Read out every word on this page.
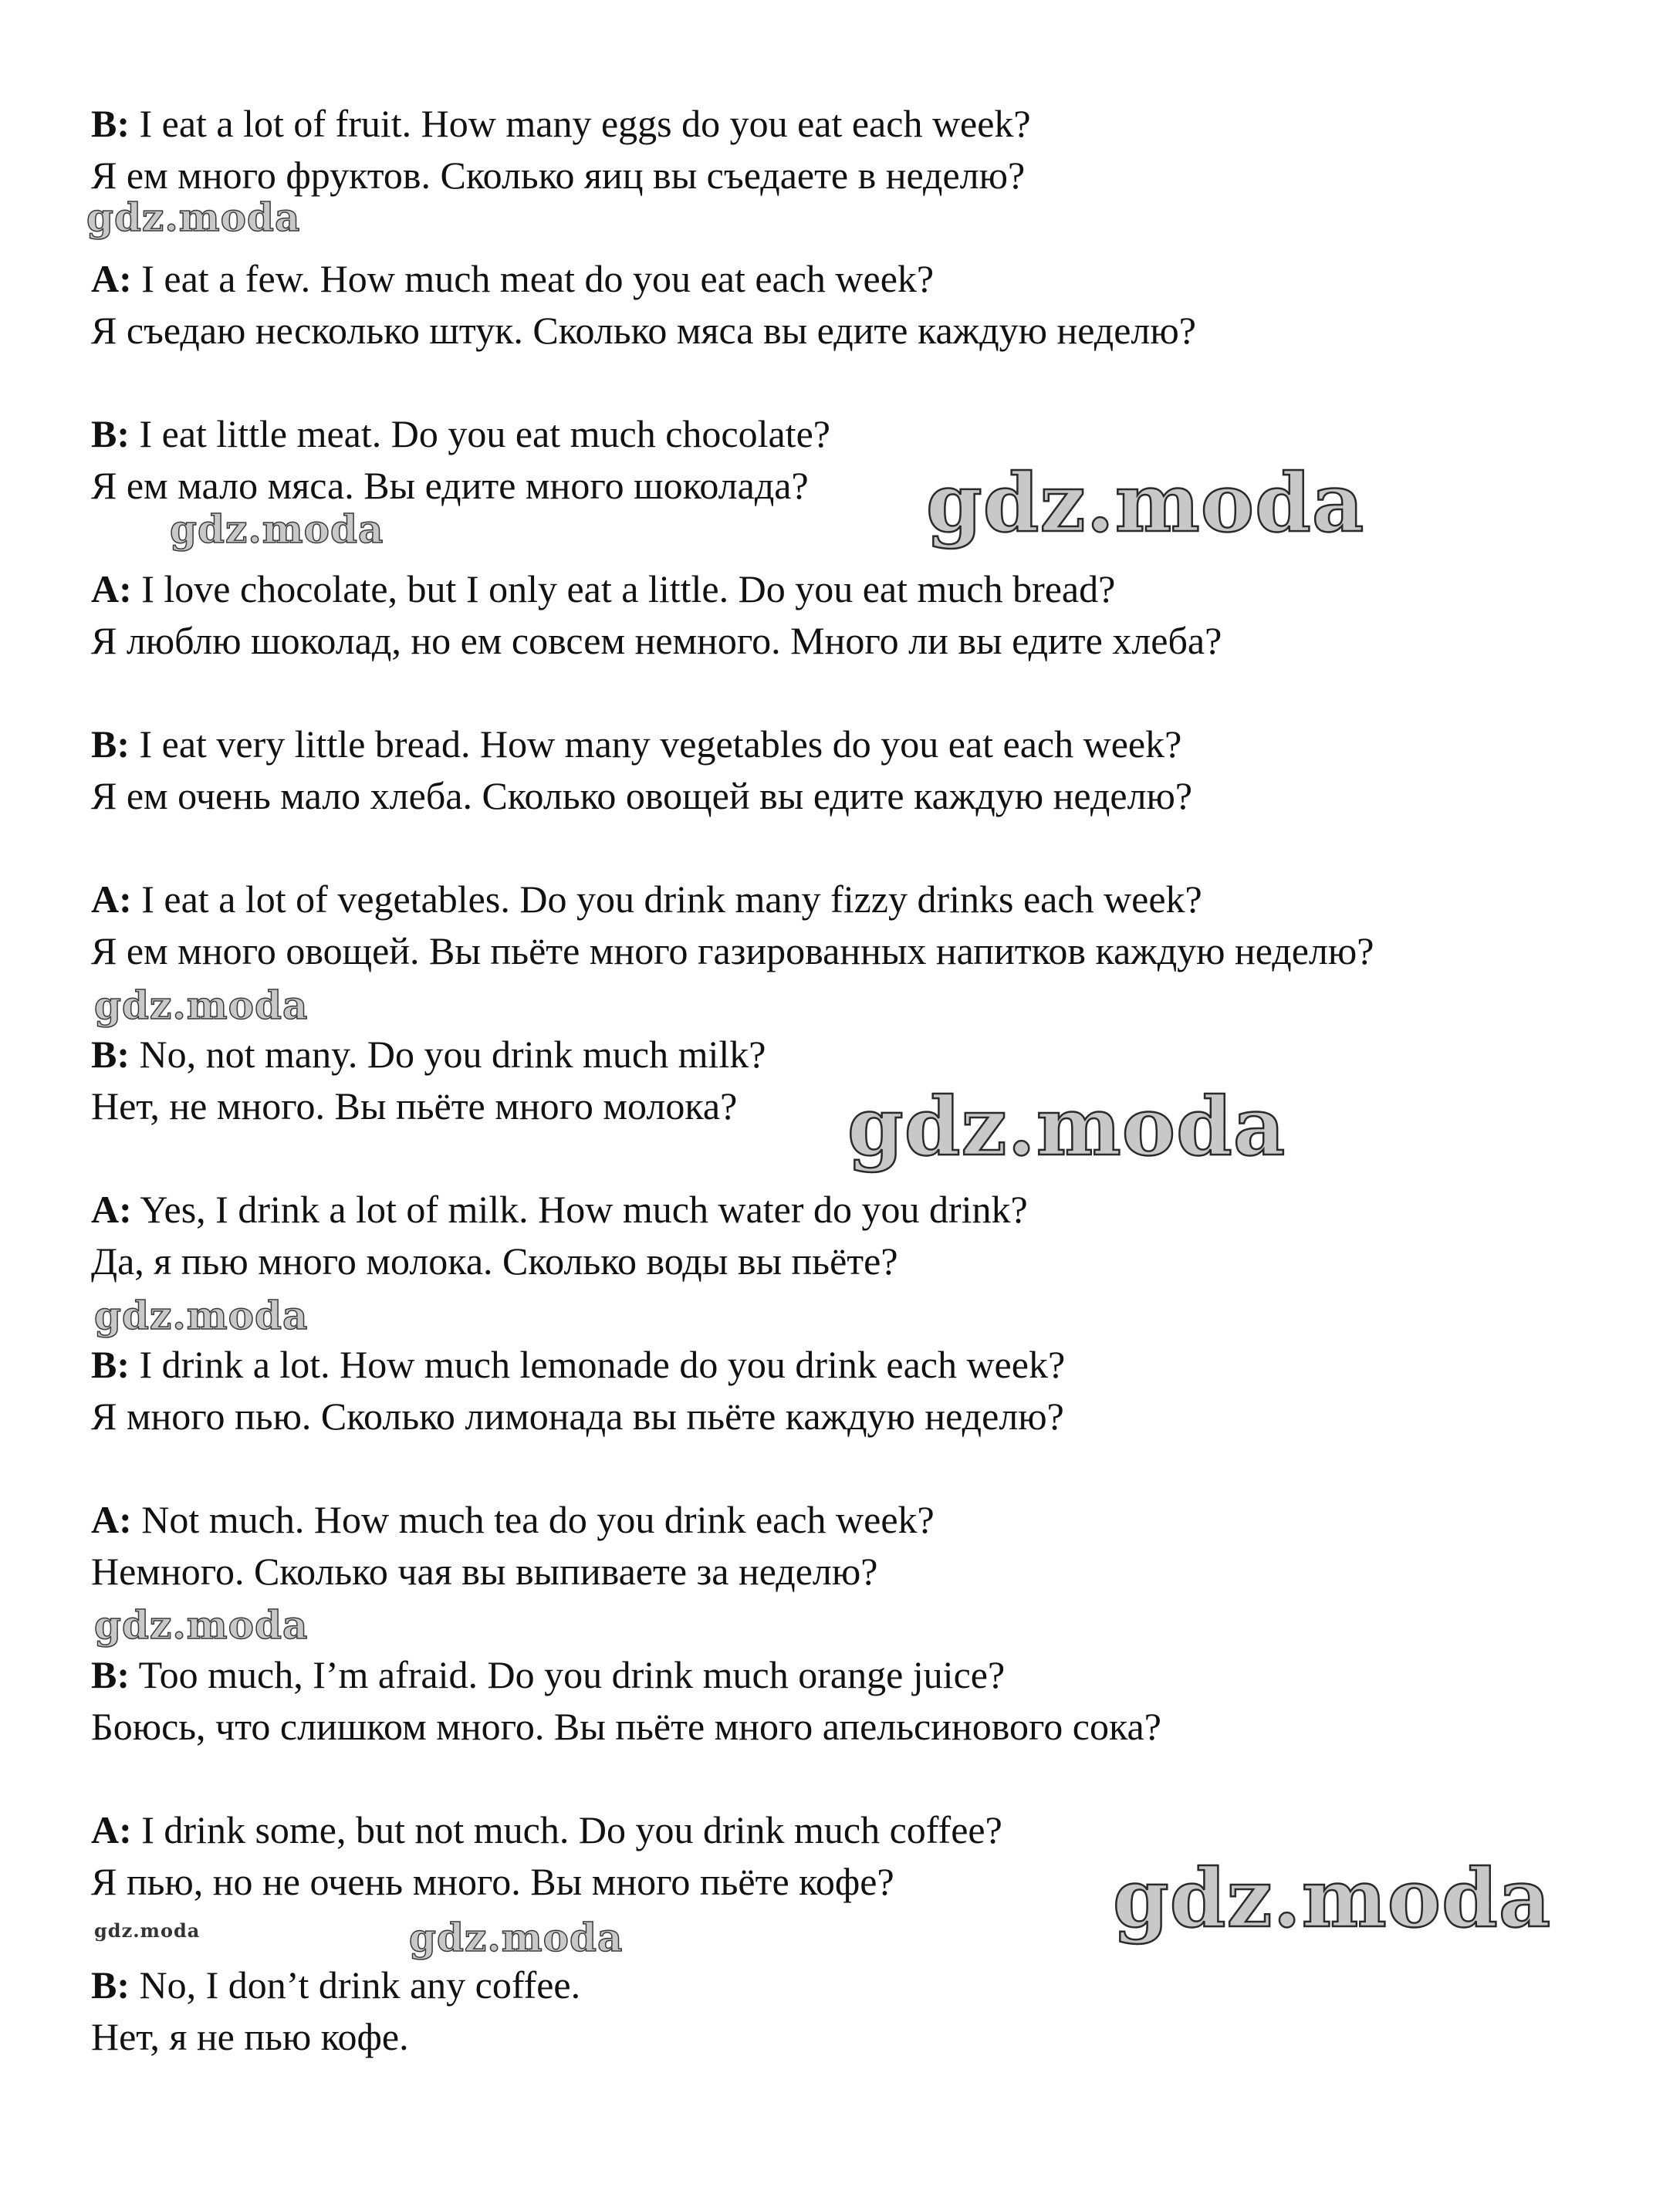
B: I eat a lot of fruit. How many eggs do you eat each week?
Я ем много фруктов. Сколько яиц вы съедаете в неделю?
A: I eat a few. How much meat do you eat each week?
Я съедаю несколько штук. Сколько мяса вы едите каждую неделю?
B: I eat little meat. Do you eat much chocolate?
Я ем мало мяса. Вы едите много шоколада?
A: I love chocolate, but I only eat a little. Do you eat much bread?
Я люблю шоколад, но ем совсем немного. Много ли вы едите хлеба?
B: I eat very little bread. How many vegetables do you eat each week?
Я ем очень мало хлеба. Сколько овощей вы едите каждую неделю?
A: I eat a lot of vegetables. Do you drink many fizzy drinks each week?
Я ем много овощей. Вы пьёте много газированных напитков каждую неделю?
B: No, not many. Do you drink much milk?
Нет, не много. Вы пьёте много молока?
A: Yes, I drink a lot of milk. How much water do you drink?
Да, я пью много молока. Сколько воды вы пьёте?
B: I drink a lot. How much lemonade do you drink each week?
Я много пью. Сколько лимонада вы пьёте каждую неделю?
A: Not much. How much tea do you drink each week?
Немного. Сколько чая вы выпиваете за неделю?
B: Too much, I’m afraid. Do you drink much orange juice?
Боюсь, что слишком много. Вы пьёте много апельсинового сока?
A: I drink some, but not much. Do you drink much coffee?
Я пью, но не очень много. Вы много пьёте кофе?
B: No, I don’t drink any coffee.
Нет, я не пью кофе.
gdz.moda
gdz.moda
gdz.moda
gdz.moda
gdz.moda
gdz.moda
gdz.moda
gdz.moda
gdz.moda	gdz.moda
